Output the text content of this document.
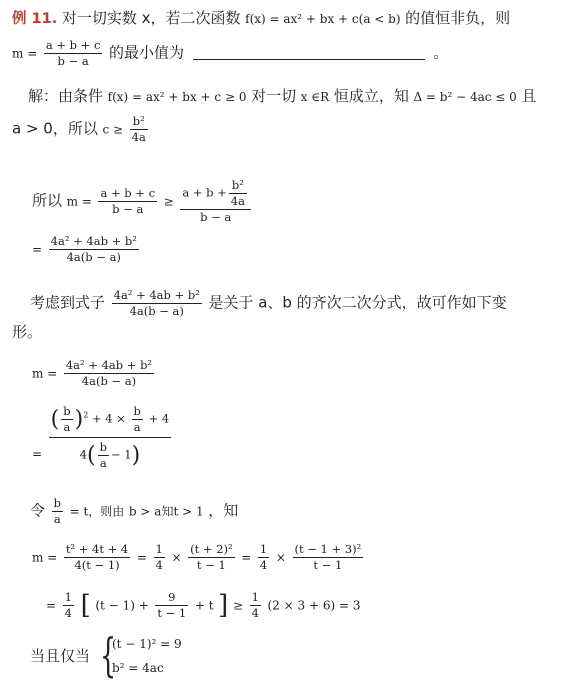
例 11. 对一切实数 x，若二次函数 f(x) = ax² + bx + c(a < b) 的值恒非负，则
$m = \frac{a + b + c}{b - a}$ 的最小值为	。
解：由条件 f(x) = ax² + bx + c ≥ 0 对一切 x ∈R 恒成立，知 Δ = b² − 4ac ≤ 0 且
a > 0，所以 $c \ge \frac{\text{b²}}{4a}$
所以 $m = \frac{a + b + c}{b - a} \ge \frac{a + b + \frac{\text{b²}}{4a}}{b - a}$
= $\frac{\text{4a² + 4ab + b²}}{4a(b - a)}$
考虑到式子 $\frac{\text{4a² + 4ab + b²}}{4a(b - a)}$ 是关于 a、b 的齐次二次分式，故可作如下变
形。
$m = \frac{\text{4a² + 4ab + b²}}{4a(b - a)}$
$_= \frac{( \frac{b}{a} )^2 + 4 \times \frac{b}{a} + 4}{4( \frac{b}{a} - 1)}$
令 $\frac{b}{a} = t$，则由 b > a知t > 1 ，知
$m = \frac{\text{t² + 4t + 4}}{4(t - 1)} = \frac{1}{4} \times \frac{\text{(t + 2)²}}{t - 1} = \frac{1}{4} \times \frac{\text{(t − 1 + 3)²}}{t - 1}$
= $\frac{1}{4}$ [ $(t - 1) + \frac{9}{t - 1} + t$ ] ≥ $\frac{1}{4} (2 \times 3 + 6) = 3$
当且仅当 {
(t − 1)² = 9
b² = 4ac
